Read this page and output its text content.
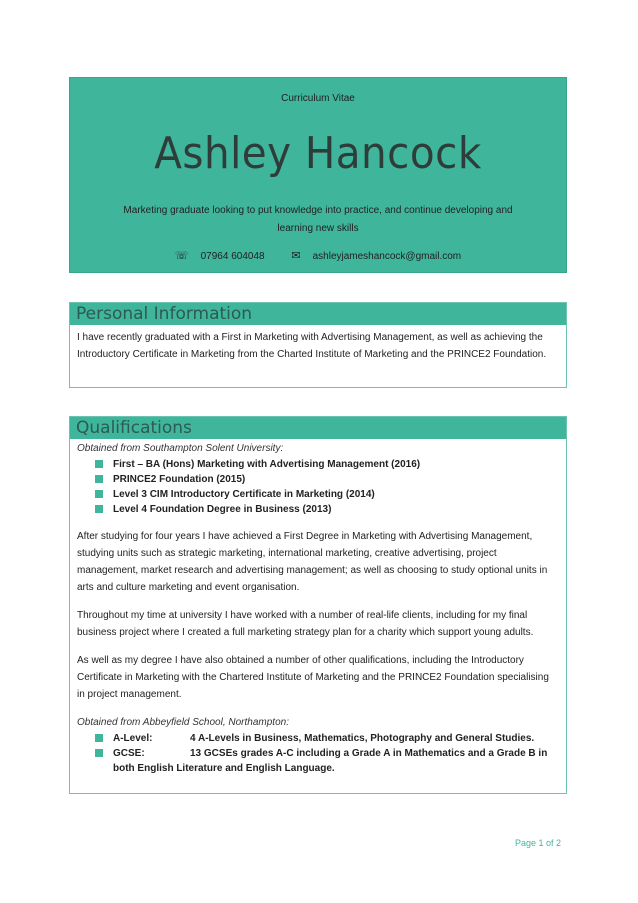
Curriculum Vitae
Ashley Hancock
Marketing graduate looking to put knowledge into practice, and continue developing and learning new skills
☏ 07964 604048 ✉ ashleyjameshancock@gmail.com
Personal Information

I have recently graduated with a First in Marketing with Advertising Management, as well as achieving the Introductory Certificate in Marketing from the Charted Institute of Marketing and the PRINCE2 Foundation.

Qualifications

Obtained from Southampton Solent University:

First – BA (Hons) Marketing with Advertising Management (2016)
PRINCE2 Foundation (2015)
Level 3 CIM Introductory Certificate in Marketing (2014)
Level 4 Foundation Degree in Business (2013)

After studying for four years I have achieved a First Degree in Marketing with Advertising Management, studying units such as strategic marketing, international marketing, creative advertising, project management, market research and advertising management; as well as choosing to study optional units in arts and culture marketing and event organisation.

Throughout my time at university I have worked with a number of real-life clients, including for my final business project where I created a full marketing strategy plan for a charity which support young adults.

As well as my degree I have also obtained a number of other qualifications, including the Introductory Certificate in Marketing with the Chartered Institute of Marketing and the PRINCE2 Foundation specialising in project management.

Obtained from Abbeyfield School, Northampton:

A-Level:	4 A-Levels in Business, Mathematics, Photography and General Studies.
GCSE:	13 GCSEs grades A-C including a Grade A in Mathematics and a Grade B in
both English Literature and English Language.
Page 1 of 2
